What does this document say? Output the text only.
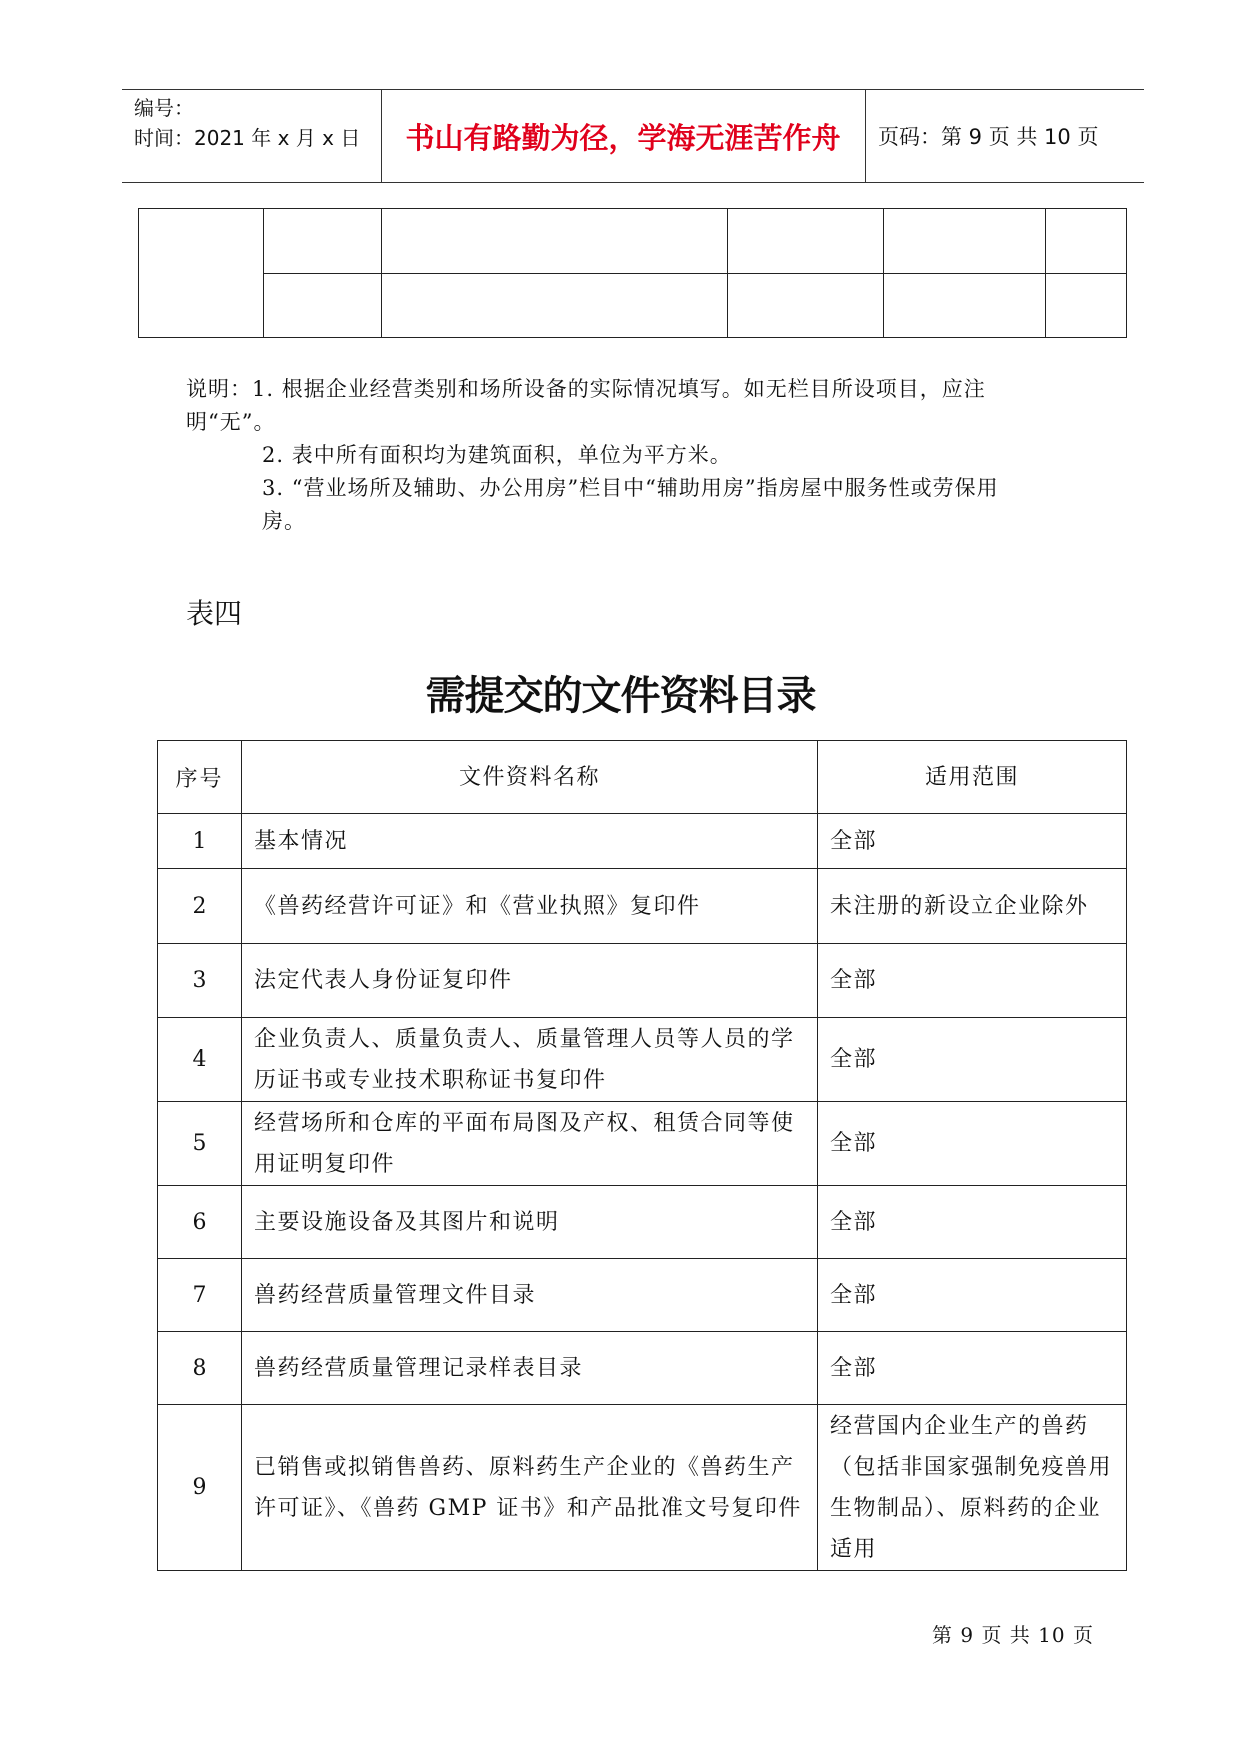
编号：
时间：2021 年 x 月 x 日	书山有路勤为径，学海无涯苦作舟	页码：第 9 页 共 10 页

说明：1. 根据企业经营类别和场所设备的实际情况填写。如无栏目所设项目，应注

明“无”。

2. 表中所有面积均为建筑面积，单位为平方米。

3. “营业场所及辅助、办公用房”栏目中“辅助用房”指房屋中服务性或劳保用

房。

表四
需提交的文件资料目录
序号	文件资料名称	适用范围
1	基本情况	全部
2	《兽药经营许可证》和《营业执照》复印件	未注册的新设立企业除外
3	法定代表人身份证复印件	全部
4	企业负责人、质量负责人、质量管理人员等人员的学历证书或专业技术职称证书复印件	全部
5	经营场所和仓库的平面布局图及产权、租赁合同等使用证明复印件	全部
6	主要设施设备及其图片和说明	全部
7	兽药经营质量管理文件目录	全部
8	兽药经营质量管理记录样表目录	全部
9	已销售或拟销售兽药、原料药生产企业的《兽药生产许可证》、《兽药 GMP 证书》和产品批准文号复印件	经营国内企业生产的兽药（包括非国家强制免疫兽用生物制品）、原料药的企业适用
第 9 页 共 10 页
